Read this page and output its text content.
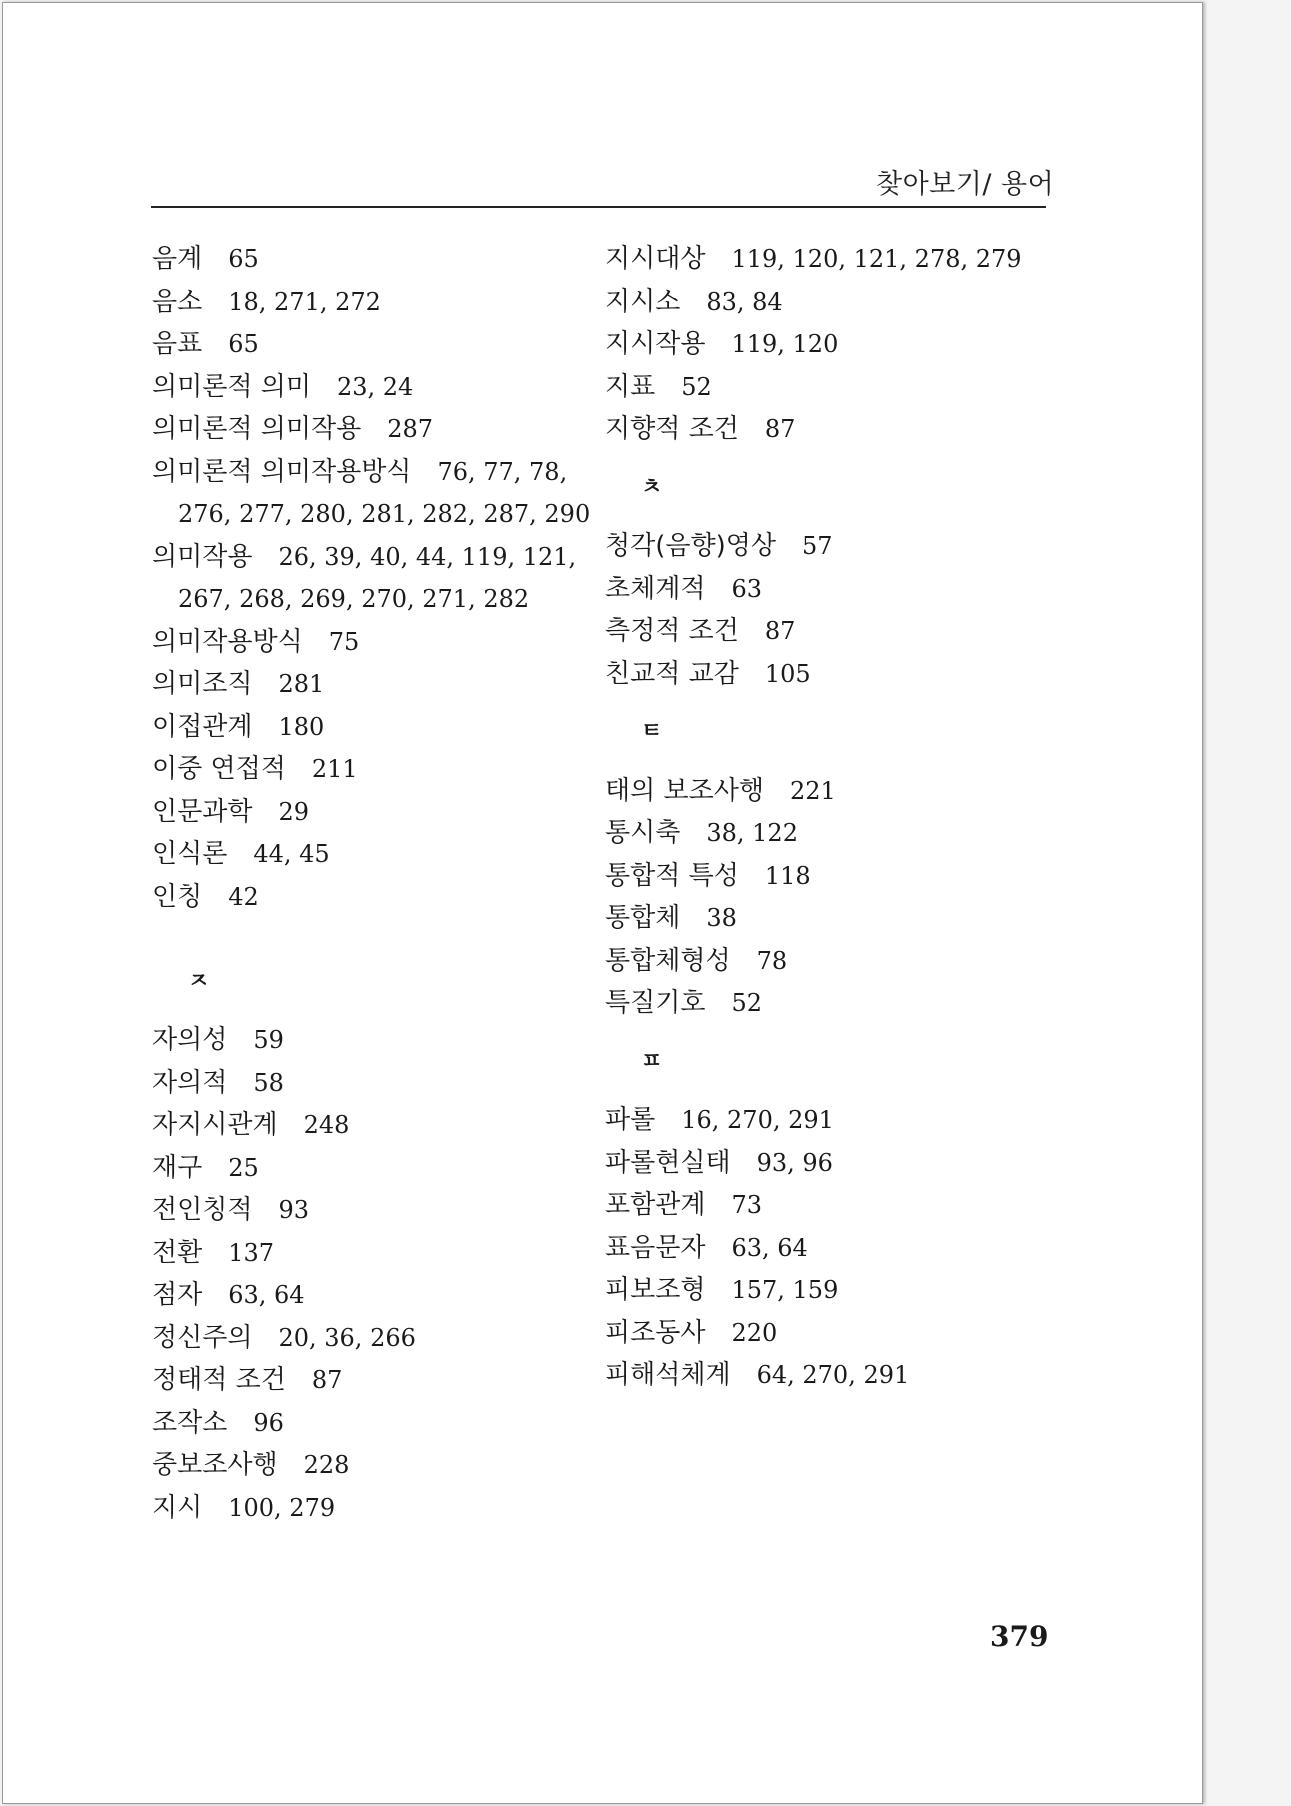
찾아보기/ 용어
음계 65
음소 18, 271, 272
음표 65
의미론적 의미 23, 24
의미론적 의미작용 287
의미론적 의미작용방식 76, 77, 78,
276, 277, 280, 281, 282, 287, 290
의미작용 26, 39, 40, 44, 119, 121,
267, 268, 269, 270, 271, 282
의미작용방식 75
의미조직 281
이접관계 180
이중 연접적 211
인문과학 29
인식론 44, 45
인칭 42
ㅈ
자의성 59
자의적 58
자지시관계 248
재구 25
전인칭적 93
전환 137
점자 63, 64
정신주의 20, 36, 266
정태적 조건 87
조작소 96
중보조사행 228
지시 100, 279
지시대상 119, 120, 121, 278, 279
지시소 83, 84
지시작용 119, 120
지표 52
지향적 조건 87
ㅊ
청각(음향)영상 57
초체계적 63
측정적 조건 87
친교적 교감 105
ㅌ
태의 보조사행 221
통시축 38, 122
통합적 특성 118
통합체 38
통합체형성 78
특질기호 52
ㅍ
파롤 16, 270, 291
파롤현실태 93, 96
포함관계 73
표음문자 63, 64
피보조형 157, 159
피조동사 220
피해석체계 64, 270, 291
379
